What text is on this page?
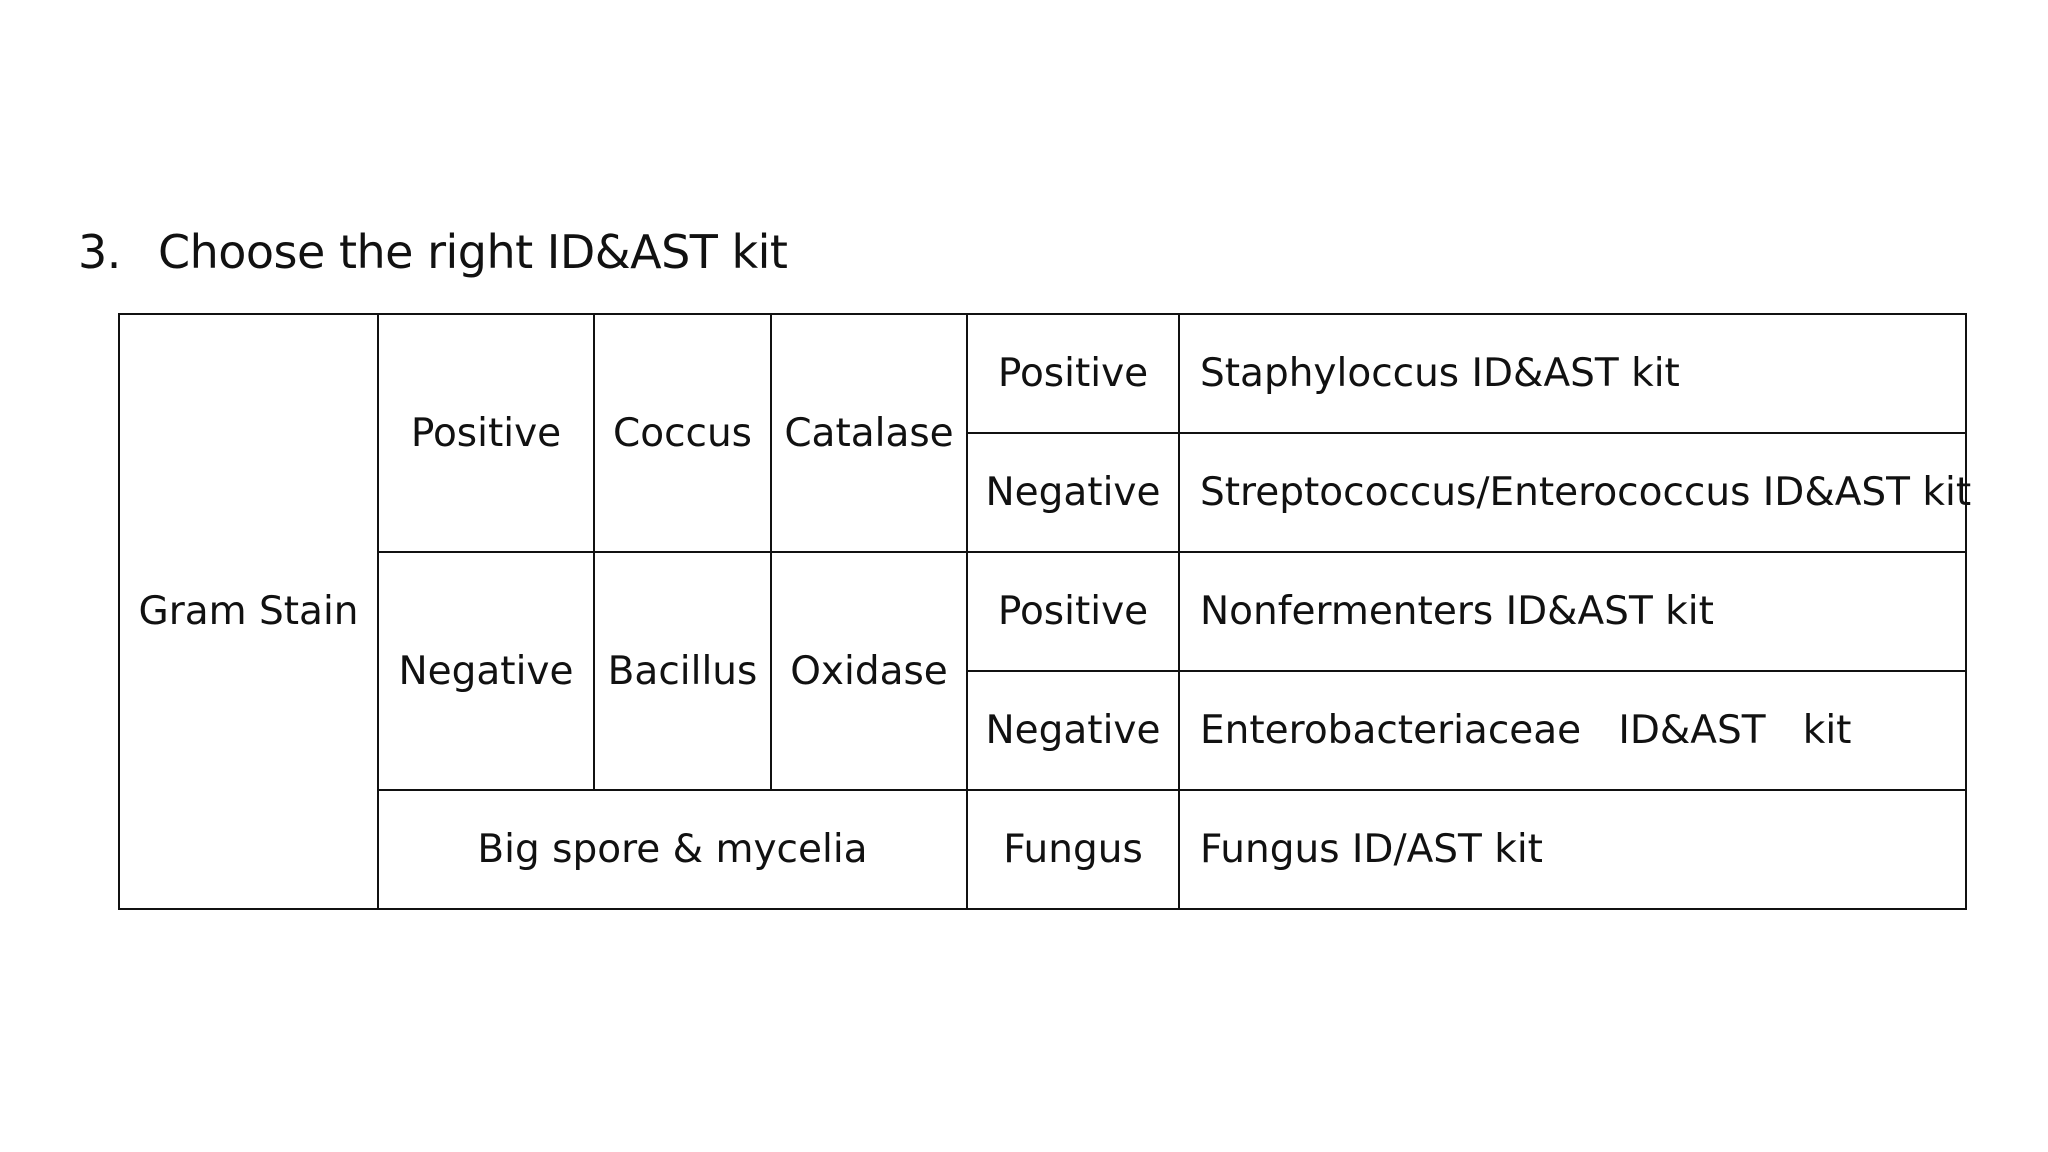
3. Choose the right ID&AST kit
Gram Stain	Positive	Coccus	Catalase	Positive	Staphyloccus ID&AST kit
				Negative	Streptococcus/Enterococcus ID&AST kit
	Negative	Bacillus	Oxidase	Positive	Nonfermenters ID&AST kit
				Negative	Enterobacteriaceae   ID&AST   kit
	Big spore & mycelia			Fungus	Fungus ID/AST kit
